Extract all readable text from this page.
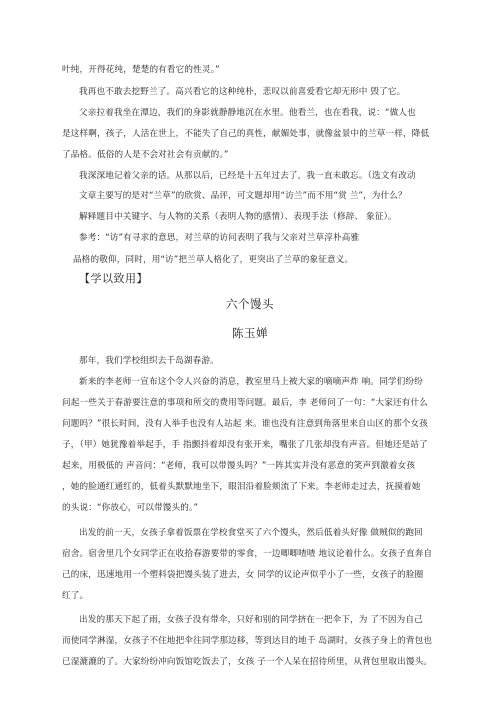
叶纯，开得花纯，楚楚的有看它的性灵。”
我再也不敢去挖野兰了。高兴看它的这种纯朴，悲叹以前喜爱看它却无形中 毁了它。
父亲拉着我坐在潭边，我们的身影就静静地沉在水里。他看兰，也在看我，说：“做人也
是这样啊，孩子，人活在世上，不能失了自己的真性，献媚处事，就像盆景中的兰草一样，降低
了品格。低俗的人是不会对社会有贡献的。”
我深深地记着父亲的话。从那以后，已经是十五年过去了，我一直未敢忘。（选文有改动
文章主要写的是对“兰草”的欣赏、品评，可文题却用“访兰”而不用“赏 兰”，为什么？
解释题目中关键字、与人物的关系（表明人物的感情）、表现手法（修辞、 象征）。
参考：“访”有寻求的意思，对兰草的访问表明了我与父亲对兰草淳朴高雅
品格的敬仰，同时，用“访”把兰草人格化了，更突出了兰草的象征意义。
【学以致用】
六个馒头
陈玉婵
那年，我们学校组织去千岛湖春游。
新来的李老师一宣布这个令人兴奋的消息，教室里马上被大家的嘀嘀声炸 响。同学们纷纷
问起一些关于春游要注意的事项和所交的费用等问题。最后，李 老师问了一句：“大家还有什么
问题吗？”很长时间，没有人举手也没有人站起 来。谁也没有注意到角落里来自山区的那个女孩
子，（甲）她犹豫着举起手，手 指颤抖着却没有张开来，嘴张了几张却没有声音。但她还是站了
起来，用极低的 声音问：“老师，我可以带馒头吗？”一阵其实并没有恶意的笑声到激着女孩
，她的脸通红通红的，低着头默默地坐下，眼泪沿着脸颊流了下来。李老师走过去，抚摸着她
的头说：“你放心，可以带馒头的。”
出发的前一天，女孩子拿着饭票在学校食堂买了六个馒头，然后低着头好像 做贼似的跑回
宿舍。宿舍里几个女同学正在收拾春游要带的零食，一边唧唧喳喳 地议论着什么。女孩子直奔自
己的床，迅速地用一个塑料袋把馒头装了进去，女 同学的议论声似乎小了一些，女孩子的脸圈
红了。
出发的那天下起了雨，女孩子没有带伞，只好和别的同学挤在一把伞下，为 了不因为自己
而使同学淋湿，女孩子不住地把伞往同学那边移，等到达目的地千 岛湖时，女孩子身上的背包也
已湿漉漉的了。大家纷纷冲向饭馆吃饭去了，女孩 子一个人呆在招待所里，从背包里取出馒头。
